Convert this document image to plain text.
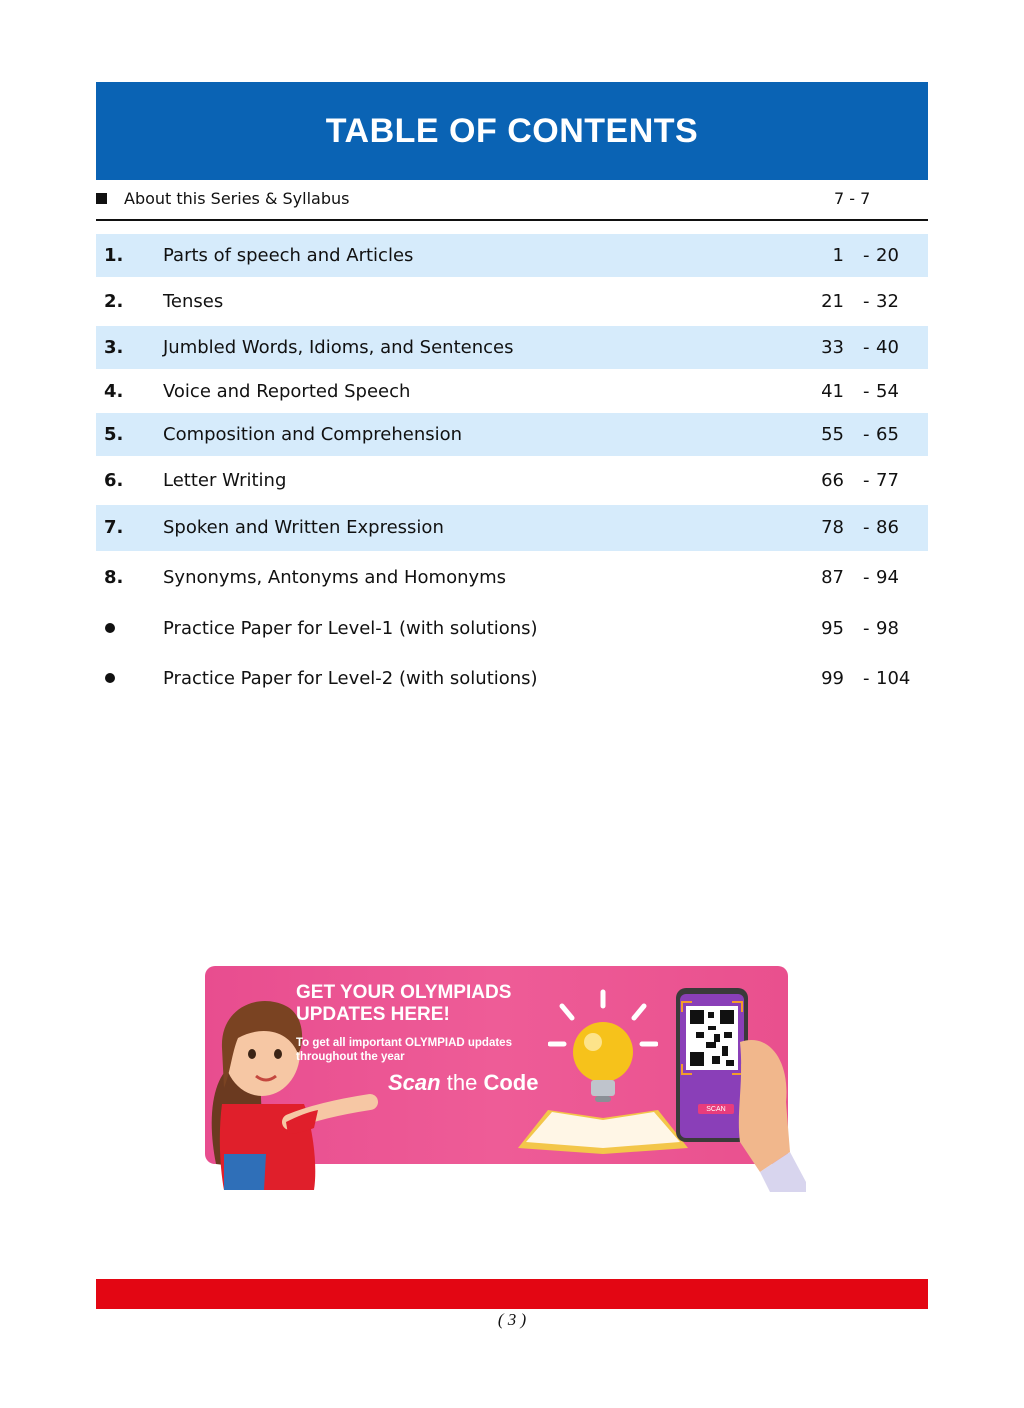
TABLE OF CONTENTS
About this Series & Syllabus	7 - 7
1. Parts of speech and Articles	1 - 20
2. Tenses	21 - 32
3. Jumbled Words, Idioms, and Sentences	33 - 40
4. Voice and Reported Speech	41 - 54
5. Composition and Comprehension	55 - 65
6. Letter Writing	66 - 77
7. Spoken and Written Expression	78 - 86
8. Synonyms, Antonyms and Homonyms	87 - 94
Practice Paper for Level-1 (with solutions)	95 - 98
Practice Paper for Level-2 (with solutions)	99 - 104
GET YOUR OLYMPIADS UPDATES HERE!
To get all important OLYMPIAD updates throughout the year
Scan the Code
SCAN
( 3 )
